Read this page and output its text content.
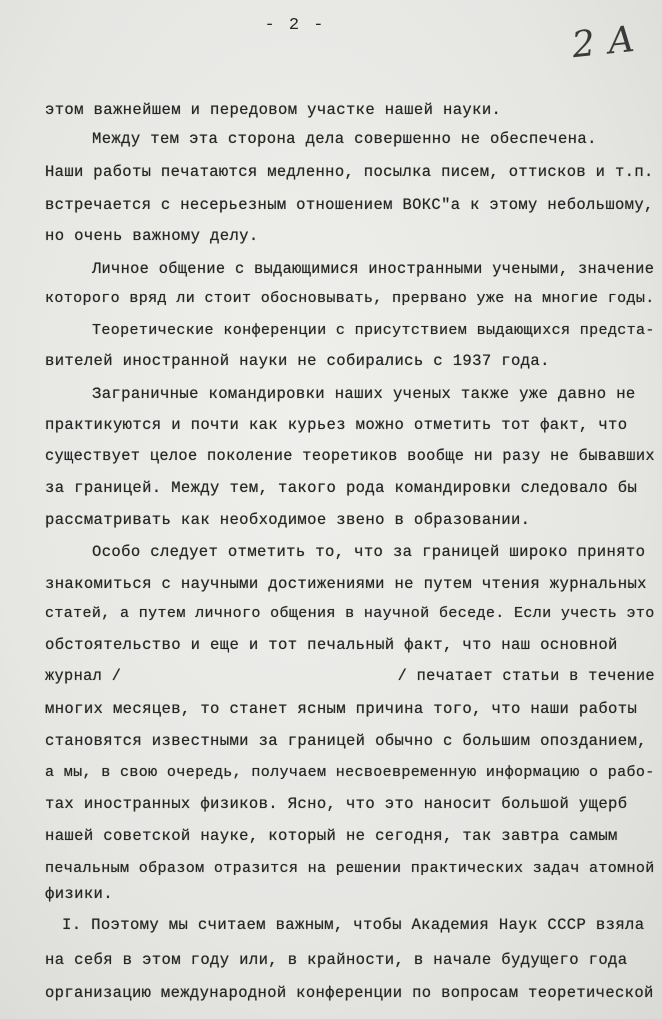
- 2 -	2 A
этом важнейшем и передовом участке нашей науки.
Между тем эта сторона дела совершенно не обеспечена.
Наши работы печатаются медленно, посылка писем, оттисков и т.п.
встречается с несерьезным отношением ВОКС"а к этому небольшому,
но очень важному делу.
Личное общение с выдающимися иностранными учеными, значение
которого вряд ли стоит обосновывать, прервано уже на многие годы.
Теоретические конференции с присутствием выдающихся предста-
вителей иностранной науки не собирались с 1937 года.
Заграничные командировки наших ученых также уже давно не
практикуются и почти как курьез можно отметить тот факт, что
существует целое поколение теоретиков вообще ни разу не бывавших
за границей. Между тем, такого рода командировки следовало бы
рассматривать как необходимое звено в образовании.
Особо следует отметить то, что за границей широко принято
знакомиться с научными достижениями не путем чтения журнальных
статей, а путем личного общения в научной беседе. Если учесть это
обстоятельство и еще и тот печальный факт, что наш основной
журнал /                             / печатает статьи в течение
многих месяцев, то станет ясным причина того, что наши работы
становятся известными за границей обычно с большим опозданием,
а мы, в свою очередь, получаем несвоевременную информацию о рабо-
тах иностранных физиков. Ясно, что это наносит большой ущерб
нашей советской науке, который не сегодня, так завтра самым
печальным образом отразится на решении практических задач атомной
физики.
I. Поэтому мы считаем важным, чтобы Академия Наук СССР взяла
на себя в этом году или, в крайности, в начале будущего года
организацию международной конференции по вопросам теоретической
